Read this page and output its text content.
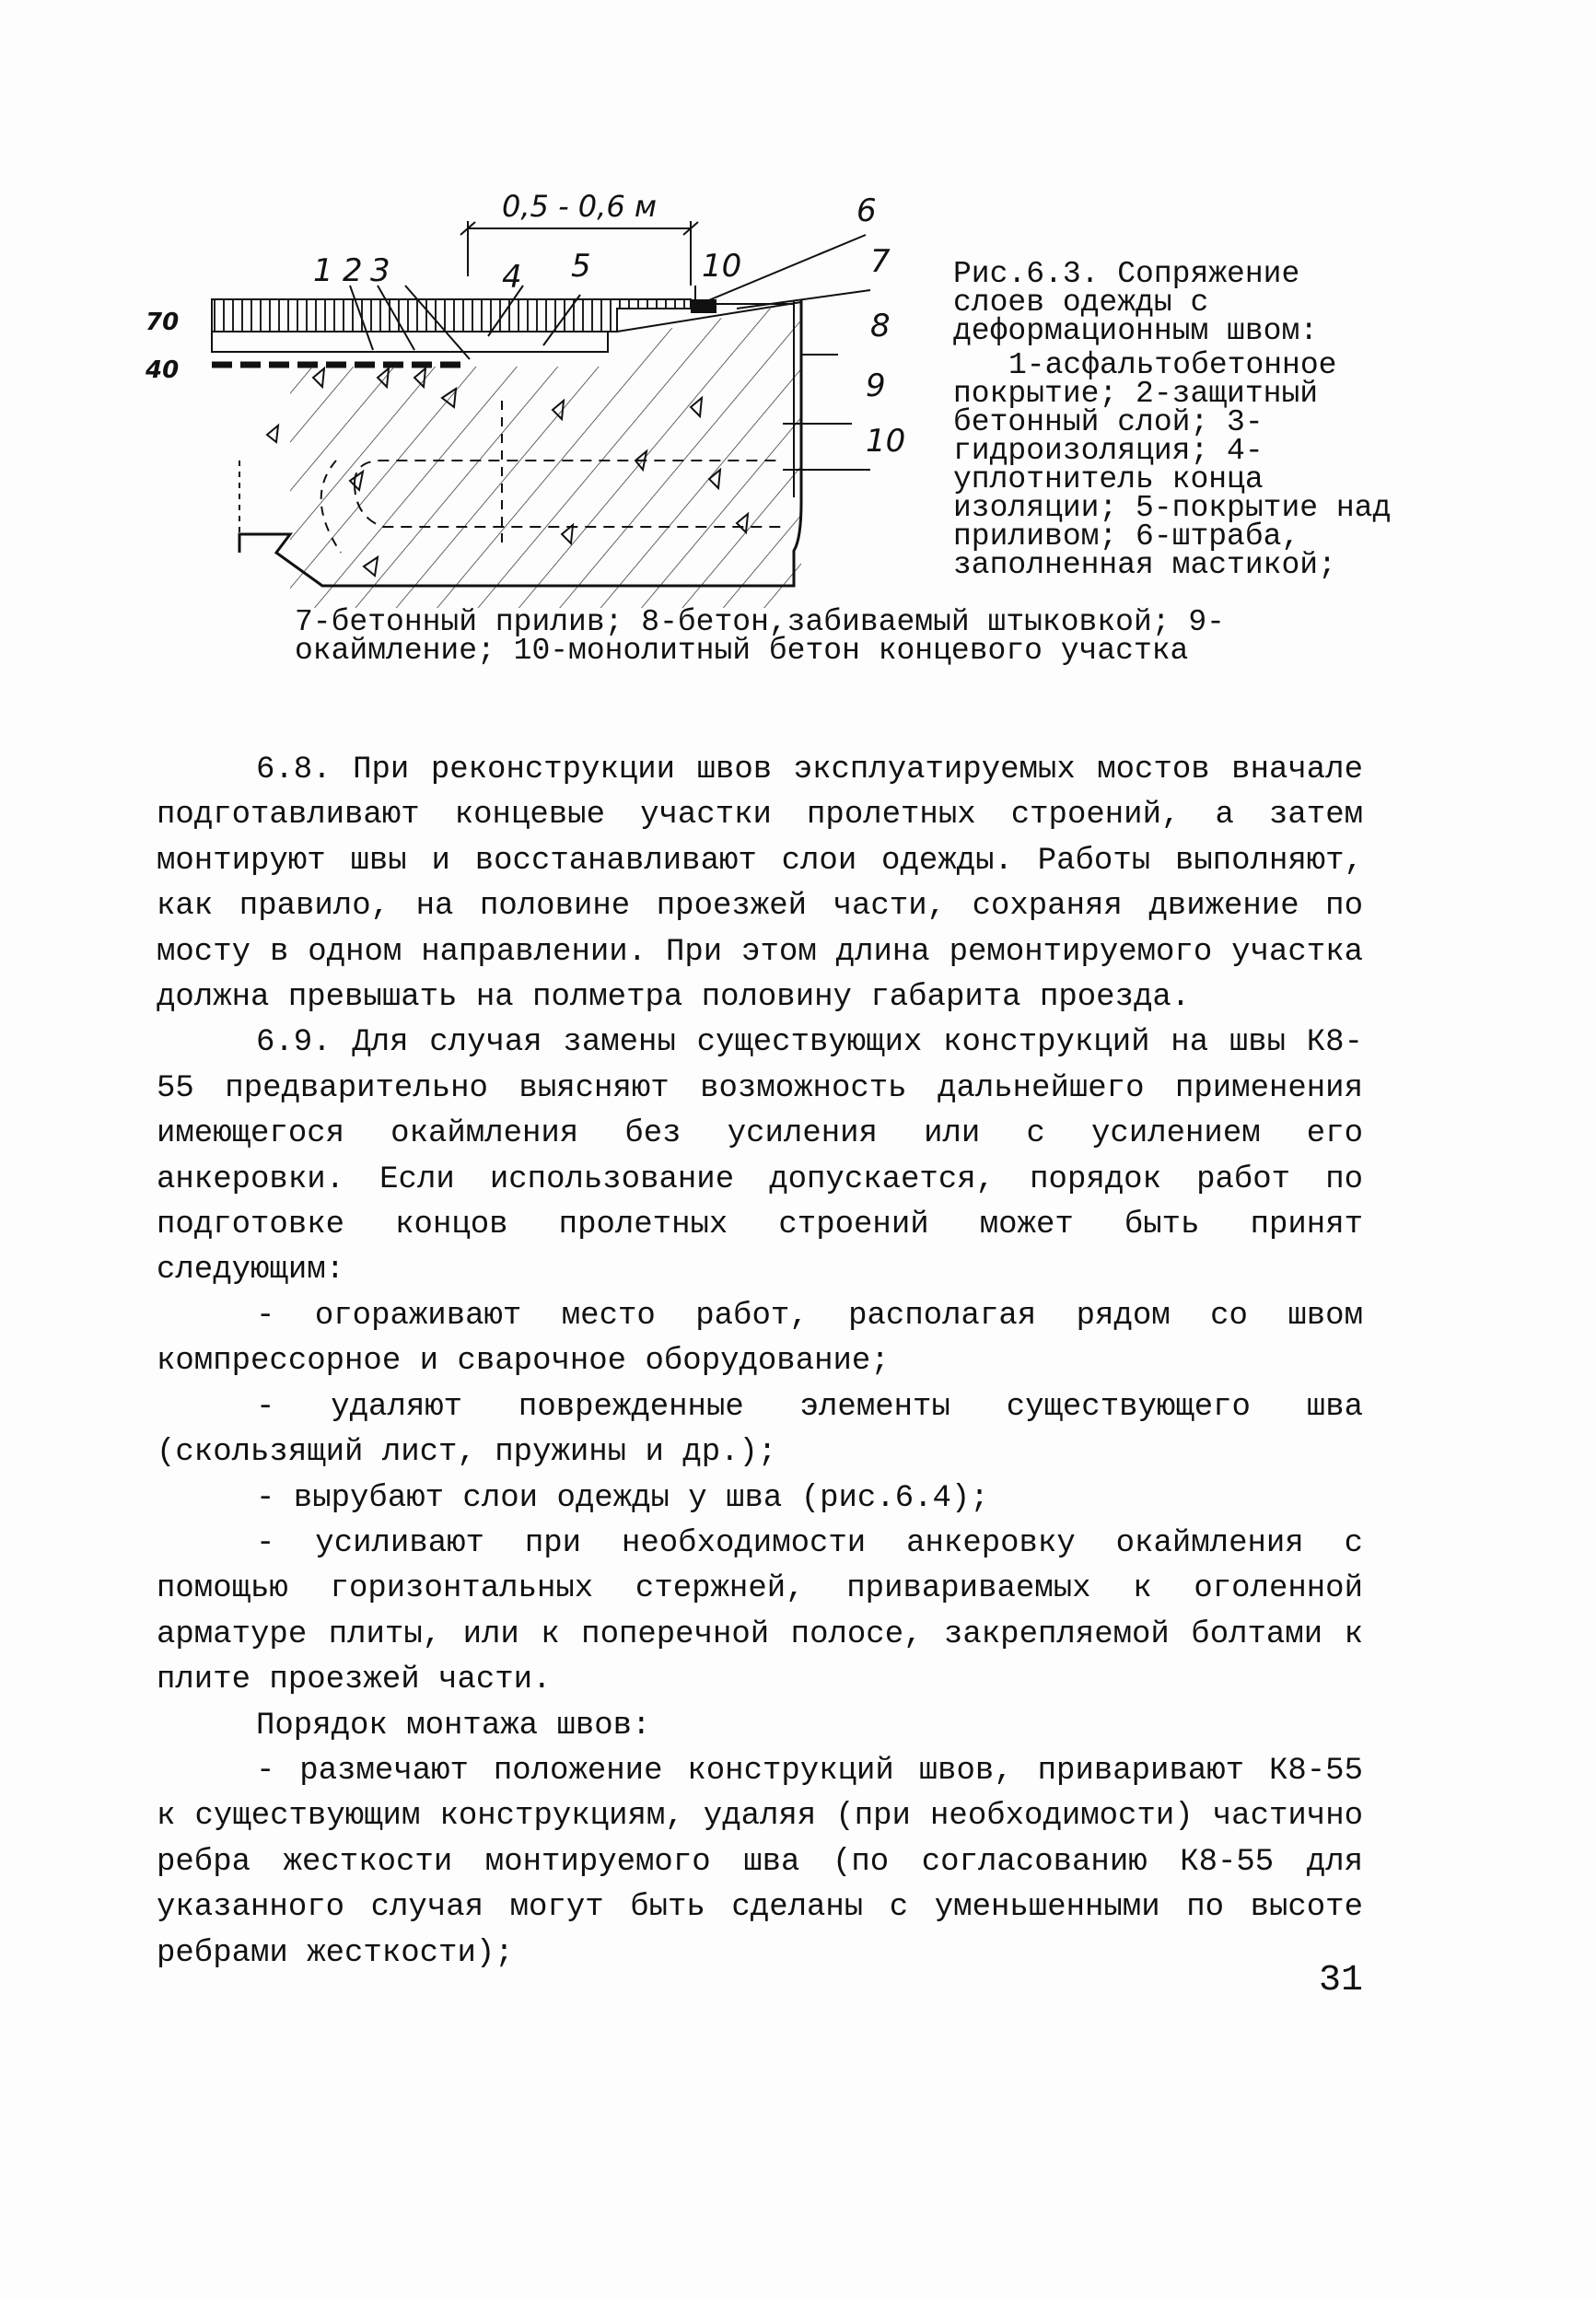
0,5 - 0,6 м
70
40
1 2 3	4 5	10
6
7
8
9
10

Рис.6.3. Сопряжение слоев одежды с деформационным швом:

1-асфальтобетонное покрытие; 2-защитный бетонный слой; 3-гидроизоляция; 4-уплотнитель конца изоляции; 5-покрытие над приливом; 6-штраба, заполненная мастикой;

7-бетонный прилив; 8-бетон,забиваемый штыковкой; 9-окаймление; 10-монолитный бетон концевого участка

6.8. При реконструкции швов эксплуатируемых мостов вначале подготавливают концевые участки пролетных строений, а затем монтируют швы и восстанавливают слои одежды. Работы выполняют, как правило, на половине проезжей части, сохраняя движение по мосту в одном направлении. При этом длина ремонтируемого участка должна превышать на полметра половину габарита проезда.

6.9. Для случая замены существующих конструкций на швы К8-55 предварительно выясняют возможность дальнейшего применения имеющегося окаймления без усиления или с усилением его анкеровки. Если использование допускается, порядок работ по подготовке концов пролетных строений может быть принят следующим:

- огораживают место работ, располагая рядом со швом компрессорное и сварочное оборудование;

- удаляют поврежденные элементы существующего шва (скользящий лист, пружины и др.);

- вырубают слои одежды у шва (рис.6.4);

- усиливают при необходимости анкеровку окаймления с помощью горизонтальных стержней, привариваемых к оголенной арматуре плиты, или к поперечной полосе, закрепляемой болтами к плите проезжей части.

Порядок монтажа швов:

- размечают положение конструкций швов, приваривают К8-55 к существующим конструкциям, удаляя (при необходимости) частично ребра жесткости монтируемого шва (по согласованию К8-55 для указанного случая могут быть сделаны с уменьшенными по высоте ребрами жесткости);

31
